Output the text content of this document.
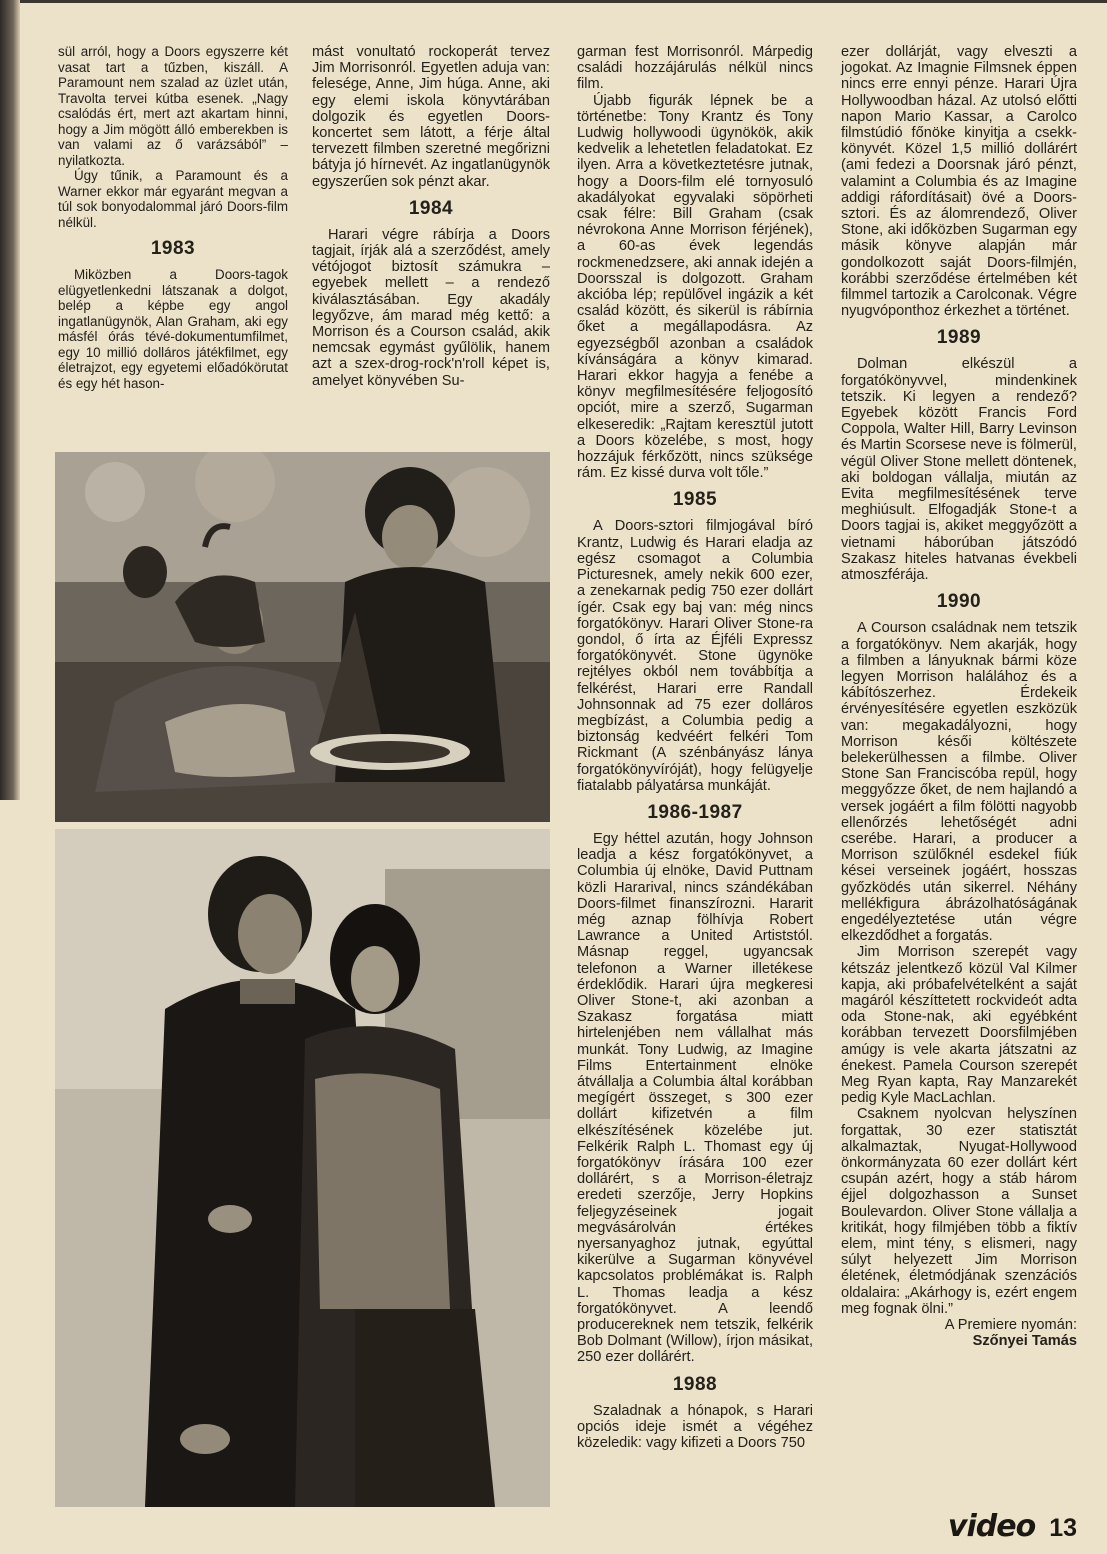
sül arról, hogy a Doors egyszerre két vasat tart a tűzben, kiszáll. A Paramount nem szalad az üzlet után, Travolta tervei kútba esenek. „Nagy csalódás ért, mert azt akartam hinni, hogy a Jim mögött álló emberekben is van valami az ő varázsából” – nyilatkozta.

Úgy tűnik, a Paramount és a Warner ekkor már egyaránt megvan a túl sok bonyodalommal járó Doors-film nélkül.

1983

Miközben a Doors-tagok elügyetlenkedni látszanak a dolgot, belép a képbe egy angol ingatlanügynök, Alan Graham, aki egy másfél órás tévé-dokumentumfilmet, egy 10 millió dolláros játékfilmet, egy életrajzot, egy egyetemi előadókörutat és egy hét hason-

mást vonultató rockoperát tervez Jim Morrisonról. Egyetlen aduja van: felesége, Anne, Jim húga. Anne, aki egy elemi iskola könyvtárában dolgozik és egyetlen Doors-koncertet sem látott, a férje által tervezett filmben szeretné megőrizni bátyja jó hírnevét. Az ingatlanügynök egyszerűen sok pénzt akar.

1984

Harari végre rábírja a Doors tagjait, írják alá a szerződést, amely vétójogot biztosít számukra – egyebek mellett – a rendező kiválasztásában. Egy akadály legyőzve, ám marad még kettő: a Morrison és a Courson család, akik nemcsak egymást gyűlölik, hanem azt a szex-drog-rock'n'roll képet is, amelyet könyvében Su-

garman fest Morrisonról. Márpedig családi hozzájárulás nélkül nincs film.

Újabb figurák lépnek be a történetbe: Tony Krantz és Tony Ludwig hollywoodi ügynökök, akik kedvelik a lehetetlen feladatokat. Ez ilyen. Arra a következtetésre jutnak, hogy a Doors-film elé tornyosuló akadályokat egyvalaki söpörheti csak félre: Bill Graham (csak névrokona Anne Morrison férjének), a 60-as évek legendás rockmenedzsere, aki annak idején a Doorsszal is dolgozott. Graham akcióba lép; repülővel ingázik a két család között, és sikerül is rábírnia őket a megállapodásra. Az egyezségből azonban a családok kívánságára a könyv kimarad. Harari ekkor hagyja a fenébe a könyv megfilmesítésére feljogosító opciót, mire a szerző, Sugarman elkeseredik: „Rajtam keresztül jutott a Doors közelébe, s most, hogy hozzájuk férkőzött, nincs szüksége rám. Ez kissé durva volt tőle.”

1985

A Doors-sztori filmjogával bíró Krantz, Ludwig és Harari eladja az egész csomagot a Columbia Picturesnek, amely nekik 600 ezer, a zenekarnak pedig 750 ezer dollárt ígér. Csak egy baj van: még nincs forgatókönyv. Harari Oliver Stone-ra gondol, ő írta az Éjféli Expressz forgatókönyvét. Stone ügynöke rejtélyes okból nem továbbítja a felkérést, Harari erre Randall Johnsonnak ad 75 ezer dolláros megbízást, a Columbia pedig a biztonság kedvéért felkéri Tom Rickmant (A szénbányász lánya forgatókönyvíróját), hogy felügyelje fiatalabb pályatársa munkáját.

1986-1987

Egy héttel azután, hogy Johnson leadja a kész forgatókönyvet, a Columbia új elnöke, David Puttnam közli Hararival, nincs szándékában Doors-filmet finanszírozni. Hararit még aznap fölhívja Robert Lawrance a United Artiststól. Másnap reggel, ugyancsak telefonon a Warner illetékese érdeklődik. Harari újra megkeresi Oliver Stone-t, aki azonban a Szakasz forgatása miatt hirtelenjében nem vállalhat más munkát. Tony Ludwig, az Imagine Films Entertainment elnöke átvállalja a Columbia által korábban megígért összeget, s 300 ezer dollárt kifizetvén a film elkészítésének közelébe jut. Felkérik Ralph L. Thomast egy új forgatókönyv írására 100 ezer dollárért, s a Morrison-életrajz eredeti szerzője, Jerry Hopkins feljegyzéseinek jogait megvásárolván értékes nyersanyaghoz jutnak, egyúttal kikerülve a Sugarman könyvével kapcsolatos problémákat is. Ralph L. Thomas leadja a kész forgatókönyvet. A leendő producereknek nem tetszik, felkérik Bob Dolmant (Willow), írjon másikat, 250 ezer dollárért.

1988

Szaladnak a hónapok, s Harari opciós ideje ismét a végéhez közeledik: vagy kifizeti a Doors 750

ezer dollárját, vagy elveszti a jogokat. Az Imagnie Filmsnek éppen nincs erre ennyi pénze. Harari Újra Hollywoodban házal. Az utolsó előtti napon Mario Kassar, a Carolco filmstúdió főnöke kinyitja a csekk-könyvét. Közel 1,5 millió dollárért (ami fedezi a Doorsnak járó pénzt, valamint a Columbia és az Imagine addigi ráfordításait) övé a Doors-sztori. És az álomrendező, Oliver Stone, aki időközben Sugarman egy másik könyve alapján már gondolkozott saját Doors-filmjén, korábbi szerződése értelmében két filmmel tartozik a Carolconak. Végre nyugvóponthoz érkezhet a történet.

1989

Dolman elkészül a forgatókönyvvel, mindenkinek tetszik. Ki legyen a rendező? Egyebek között Francis Ford Coppola, Walter Hill, Barry Levinson és Martin Scorsese neve is fölmerül, végül Oliver Stone mellett döntenek, aki boldogan vállalja, miután az Evita megfilmesítésének terve meghiúsult. Elfogadják Stone-t a Doors tagjai is, akiket meggyőzött a vietnami háborúban játszódó Szakasz hiteles hatvanas évekbeli atmoszférája.

1990

A Courson családnak nem tetszik a forgatókönyv. Nem akarják, hogy a filmben a lányuknak bármi köze legyen Morrison halálához és a kábítószerhez. Érdekeik érvényesítésére egyetlen eszközük van: megakadályozni, hogy Morrison késői költészete belekerülhessen a filmbe. Oliver Stone San Franciscóba repül, hogy meggyőzze őket, de nem hajlandó a versek jogáért a film fölötti nagyobb ellenőrzés lehetőségét adni cserébe. Harari, a producer a Morrison szülőknél esdekel fiúk kései verseinek jogáért, hosszas győzködés után sikerrel. Néhány mellékfigura ábrázolhatóságának engedélyeztetése után végre elkezdődhet a forgatás.

Jim Morrison szerepét vagy kétszáz jelentkező közül Val Kilmer kapja, aki próbafelvételként a saját magáról készíttetett rockvideót adta oda Stone-nak, aki egyébként korábban tervezett Doorsfilmjében amúgy is vele akarta játszatni az énekest. Pamela Courson szerepét Meg Ryan kapta, Ray Manzarekét pedig Kyle MacLachlan.

Csaknem nyolcvan helyszínen forgattak, 30 ezer statisztát alkalmaztak, Nyugat-Hollywood önkormányzata 60 ezer dollárt kért csupán azért, hogy a stáb három éjjel dolgozhasson a Sunset Boulevardon. Oliver Stone vállalja a kritikát, hogy filmjében több a fiktív elem, mint tény, s elismeri, nagy súlyt helyezett Jim Morrison életének, életmódjának szenzációs oldalaira: „Akárhogy is, ezért engem meg fognak ölni.”

A Premiere nyomán:
Szőnyei Tamás
video 13
